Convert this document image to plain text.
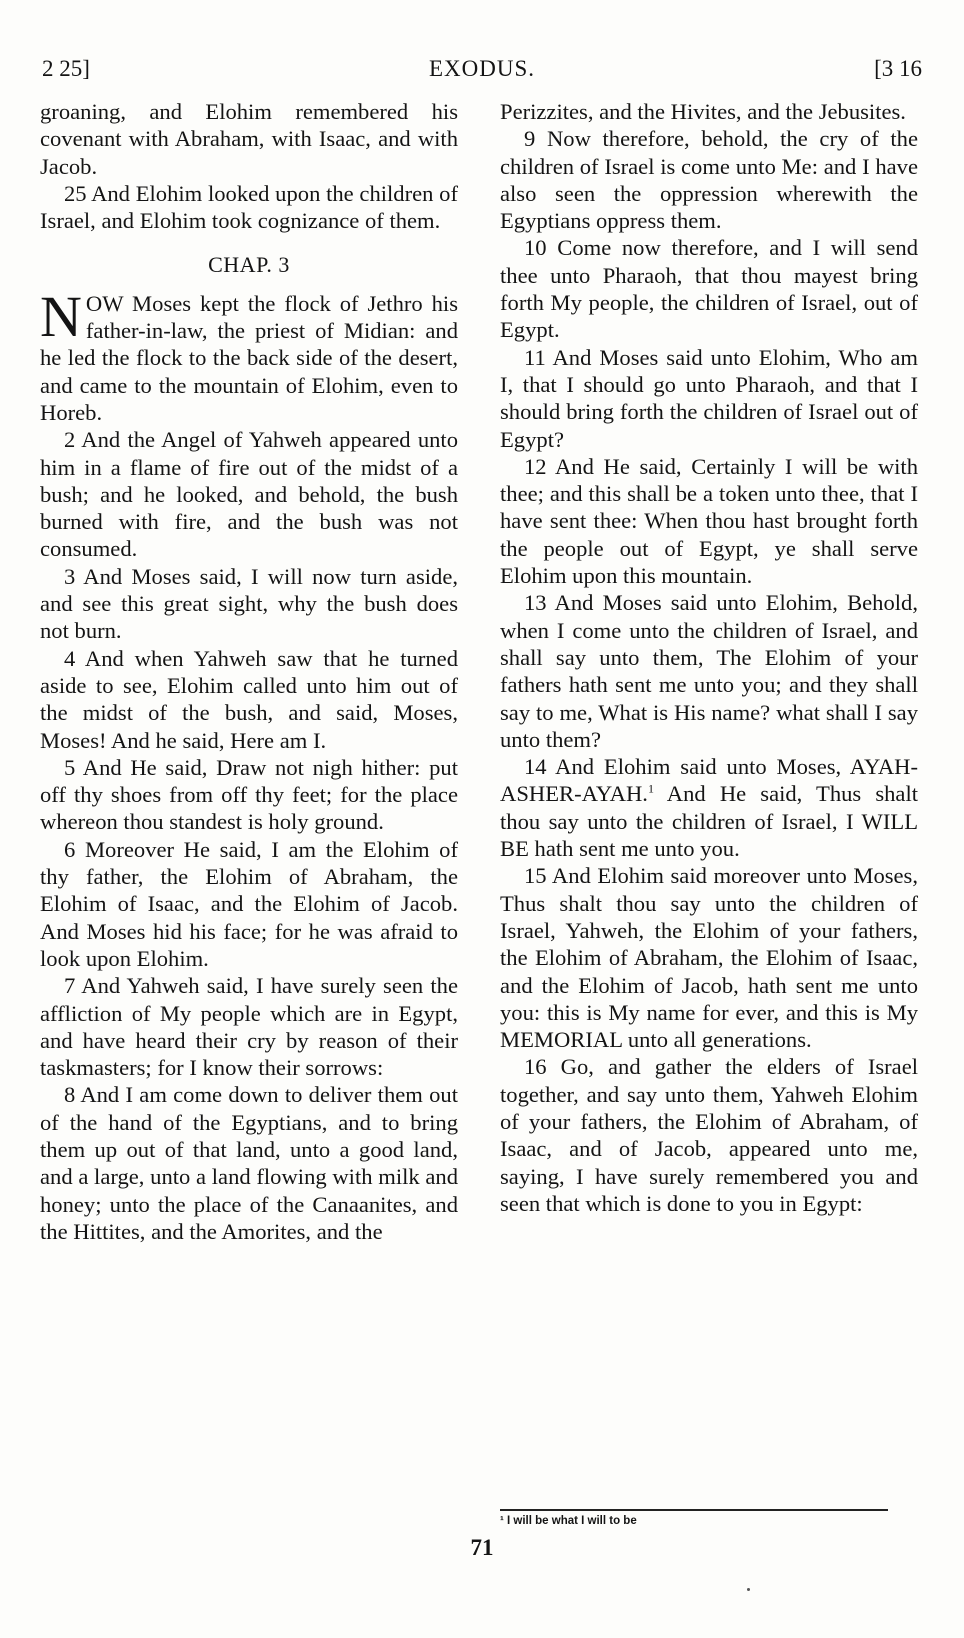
2 25]	EXODUS.	[3 16

groaning, and Elohim remembered his covenant with Abraham, with Isaac, and with Jacob.

25 And Elohim looked upon the children of Israel, and Elohim took cognizance of them.

CHAP. 3

NOW Moses kept the flock of Jethro his father-in-law, the priest of Midian: and he led the flock to the back side of the desert, and came to the mountain of Elohim, even to Horeb.

2 And the Angel of Yahweh appeared unto him in a flame of fire out of the midst of a bush; and he looked, and behold, the bush burned with fire, and the bush was not consumed.

3 And Moses said, I will now turn aside, and see this great sight, why the bush does not burn.

4 And when Yahweh saw that he turned aside to see, Elohim called unto him out of the midst of the bush, and said, Moses, Moses! And he said, Here am I.

5 And He said, Draw not nigh hither: put off thy shoes from off thy feet; for the place whereon thou standest is holy ground.

6 Moreover He said, I am the Elohim of thy father, the Elohim of Abraham, the Elohim of Isaac, and the Elohim of Jacob. And Moses hid his face; for he was afraid to look upon Elohim.

7 And Yahweh said, I have surely seen the affliction of My people which are in Egypt, and have heard their cry by reason of their taskmasters; for I know their sorrows:

8 And I am come down to deliver them out of the hand of the Egyptians, and to bring them up out of that land, unto a good land, and a large, unto a land flowing with milk and honey; unto the place of the Canaanites, and the Hittites, and the Amorites, and the

Perizzites, and the Hivites, and the Jebusites.

9 Now therefore, behold, the cry of the children of Israel is come unto Me: and I have also seen the oppression wherewith the Egyptians oppress them.

10 Come now therefore, and I will send thee unto Pharaoh, that thou mayest bring forth My people, the children of Israel, out of Egypt.

11 And Moses said unto Elohim, Who am I, that I should go unto Pharaoh, and that I should bring forth the children of Israel out of Egypt?

12 And He said, Certainly I will be with thee; and this shall be a token unto thee, that I have sent thee: When thou hast brought forth the people out of Egypt, ye shall serve Elohim upon this mountain.

13 And Moses said unto Elohim, Behold, when I come unto the children of Israel, and shall say unto them, The Elohim of your fathers hath sent me unto you; and they shall say to me, What is His name? what shall I say unto them?

14 And Elohim said unto Moses, AYAH-ASHER-AYAH.$^1$ And He said, Thus shalt thou say unto the children of Israel, I WILL BE hath sent me unto you.

15 And Elohim said moreover unto Moses, Thus shalt thou say unto the children of Israel, Yahweh, the Elohim of your fathers, the Elohim of Abraham, the Elohim of Isaac, and the Elohim of Jacob, hath sent me unto you: this is My name for ever, and this is My MEMORIAL unto all generations.

16 Go, and gather the elders of Israel together, and say unto them, Yahweh Elohim of your fathers, the Elohim of Abraham, of Isaac, and of Jacob, appeared unto me, saying, I have surely remembered you and seen that which is done to you in Egypt:

¹ I will be what I will to be
71
